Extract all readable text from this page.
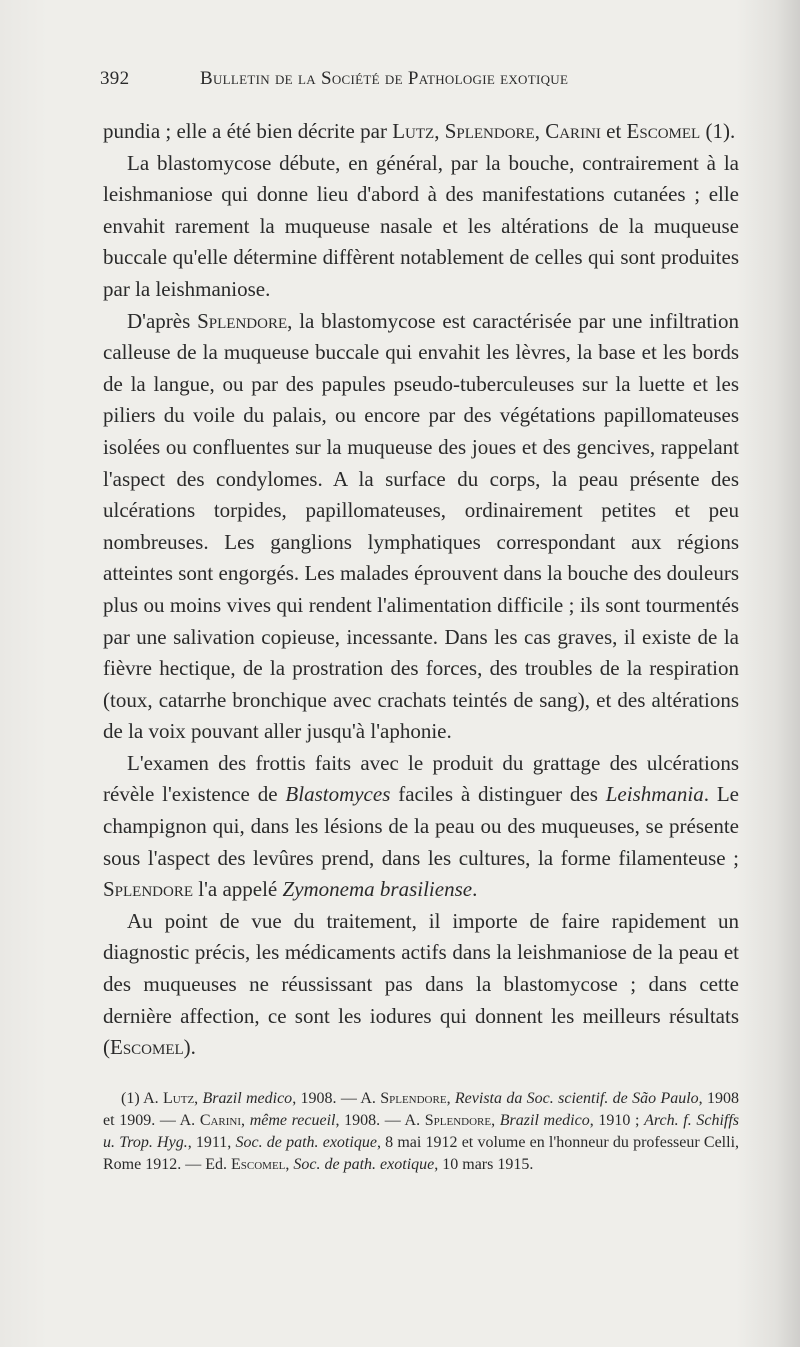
392	Bulletin de la Société de Pathologie exotique

pundia ; elle a été bien décrite par Lutz, Splendore, Carini et Escomel (1).

La blastomycose débute, en général, par la bouche, contrairement à la leishmaniose qui donne lieu d'abord à des manifestations cutanées ; elle envahit rarement la muqueuse nasale et les altérations de la muqueuse buccale qu'elle détermine diffèrent notablement de celles qui sont produites par la leishmaniose.

D'après Splendore, la blastomycose est caractérisée par une infiltration calleuse de la muqueuse buccale qui envahit les lèvres, la base et les bords de la langue, ou par des papules pseudo-tuberculeuses sur la luette et les piliers du voile du palais, ou encore par des végétations papillomateuses isolées ou confluentes sur la muqueuse des joues et des gencives, rappelant l'aspect des condylomes. A la surface du corps, la peau présente des ulcérations torpides, papillomateuses, ordinairement petites et peu nombreuses. Les ganglions lymphatiques correspondant aux régions atteintes sont engorgés. Les malades éprouvent dans la bouche des douleurs plus ou moins vives qui rendent l'alimentation difficile ; ils sont tourmentés par une salivation copieuse, incessante. Dans les cas graves, il existe de la fièvre hectique, de la prostration des forces, des troubles de la respiration (toux, catarrhe bronchique avec crachats teintés de sang), et des altérations de la voix pouvant aller jusqu'à l'aphonie.

L'examen des frottis faits avec le produit du grattage des ulcérations révèle l'existence de Blastomyces faciles à distinguer des Leishmania. Le champignon qui, dans les lésions de la peau ou des muqueuses, se présente sous l'aspect des levûres prend, dans les cultures, la forme filamenteuse ; Splendore l'a appelé Zymonema brasiliense.

Au point de vue du traitement, il importe de faire rapidement un diagnostic précis, les médicaments actifs dans la leishmaniose de la peau et des muqueuses ne réussissant pas dans la blastomycose ; dans cette dernière affection, ce sont les iodures qui donnent les meilleurs résultats (Escomel).

(1) A. Lutz, Brazil medico, 1908. — A. Splendore, Revista da Soc. scientif. de São Paulo, 1908 et 1909. — A. Carini, même recueil, 1908. — A. Splendore, Brazil medico, 1910 ; Arch. f. Schiffs u. Trop. Hyg., 1911, Soc. de path. exotique, 8 mai 1912 et volume en l'honneur du professeur Celli, Rome 1912. — Ed. Escomel, Soc. de path. exotique, 10 mars 1915.
